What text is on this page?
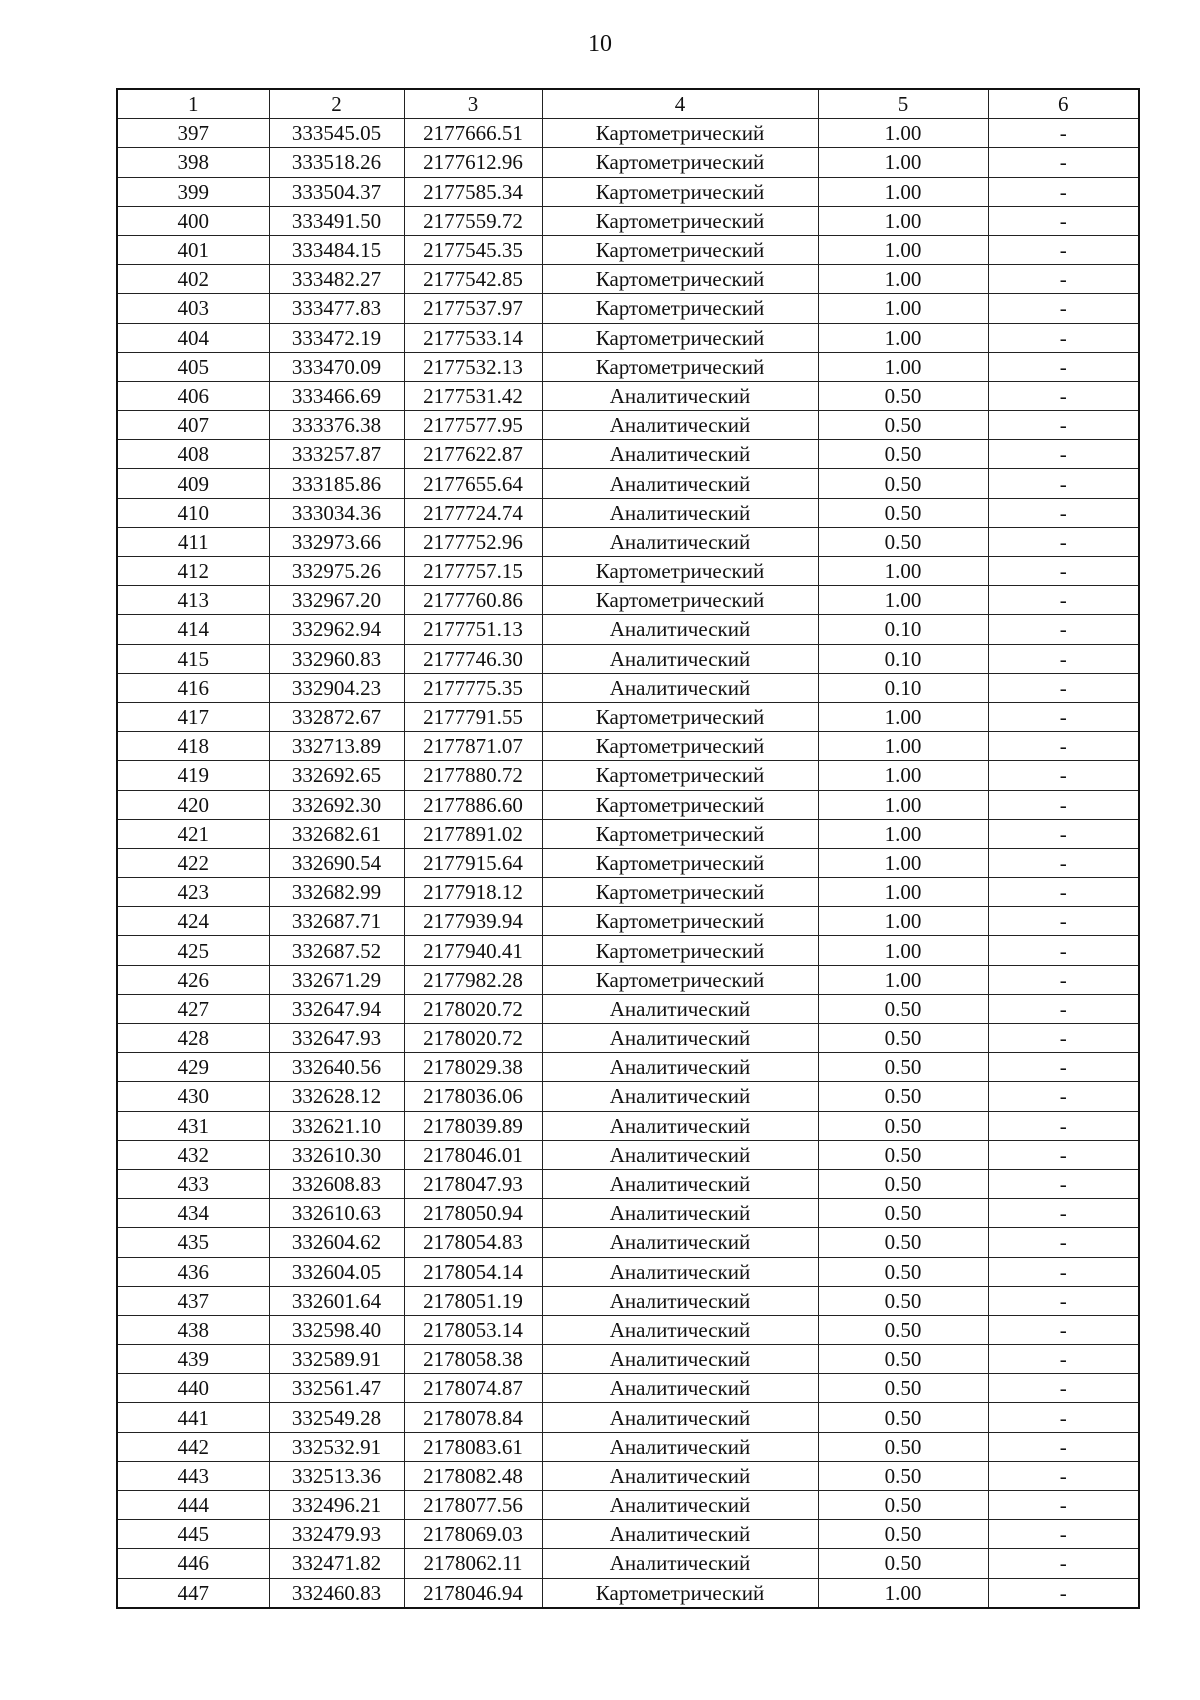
10
1	2	3	4	5	6
397	333545.05	2177666.51	Картометрический	1.00	-
398	333518.26	2177612.96	Картометрический	1.00	-
399	333504.37	2177585.34	Картометрический	1.00	-
400	333491.50	2177559.72	Картометрический	1.00	-
401	333484.15	2177545.35	Картометрический	1.00	-
402	333482.27	2177542.85	Картометрический	1.00	-
403	333477.83	2177537.97	Картометрический	1.00	-
404	333472.19	2177533.14	Картометрический	1.00	-
405	333470.09	2177532.13	Картометрический	1.00	-
406	333466.69	2177531.42	Аналитический	0.50	-
407	333376.38	2177577.95	Аналитический	0.50	-
408	333257.87	2177622.87	Аналитический	0.50	-
409	333185.86	2177655.64	Аналитический	0.50	-
410	333034.36	2177724.74	Аналитический	0.50	-
411	332973.66	2177752.96	Аналитический	0.50	-
412	332975.26	2177757.15	Картометрический	1.00	-
413	332967.20	2177760.86	Картометрический	1.00	-
414	332962.94	2177751.13	Аналитический	0.10	-
415	332960.83	2177746.30	Аналитический	0.10	-
416	332904.23	2177775.35	Аналитический	0.10	-
417	332872.67	2177791.55	Картометрический	1.00	-
418	332713.89	2177871.07	Картометрический	1.00	-
419	332692.65	2177880.72	Картометрический	1.00	-
420	332692.30	2177886.60	Картометрический	1.00	-
421	332682.61	2177891.02	Картометрический	1.00	-
422	332690.54	2177915.64	Картометрический	1.00	-
423	332682.99	2177918.12	Картометрический	1.00	-
424	332687.71	2177939.94	Картометрический	1.00	-
425	332687.52	2177940.41	Картометрический	1.00	-
426	332671.29	2177982.28	Картометрический	1.00	-
427	332647.94	2178020.72	Аналитический	0.50	-
428	332647.93	2178020.72	Аналитический	0.50	-
429	332640.56	2178029.38	Аналитический	0.50	-
430	332628.12	2178036.06	Аналитический	0.50	-
431	332621.10	2178039.89	Аналитический	0.50	-
432	332610.30	2178046.01	Аналитический	0.50	-
433	332608.83	2178047.93	Аналитический	0.50	-
434	332610.63	2178050.94	Аналитический	0.50	-
435	332604.62	2178054.83	Аналитический	0.50	-
436	332604.05	2178054.14	Аналитический	0.50	-
437	332601.64	2178051.19	Аналитический	0.50	-
438	332598.40	2178053.14	Аналитический	0.50	-
439	332589.91	2178058.38	Аналитический	0.50	-
440	332561.47	2178074.87	Аналитический	0.50	-
441	332549.28	2178078.84	Аналитический	0.50	-
442	332532.91	2178083.61	Аналитический	0.50	-
443	332513.36	2178082.48	Аналитический	0.50	-
444	332496.21	2178077.56	Аналитический	0.50	-
445	332479.93	2178069.03	Аналитический	0.50	-
446	332471.82	2178062.11	Аналитический	0.50	-
447	332460.83	2178046.94	Картометрический	1.00	-
